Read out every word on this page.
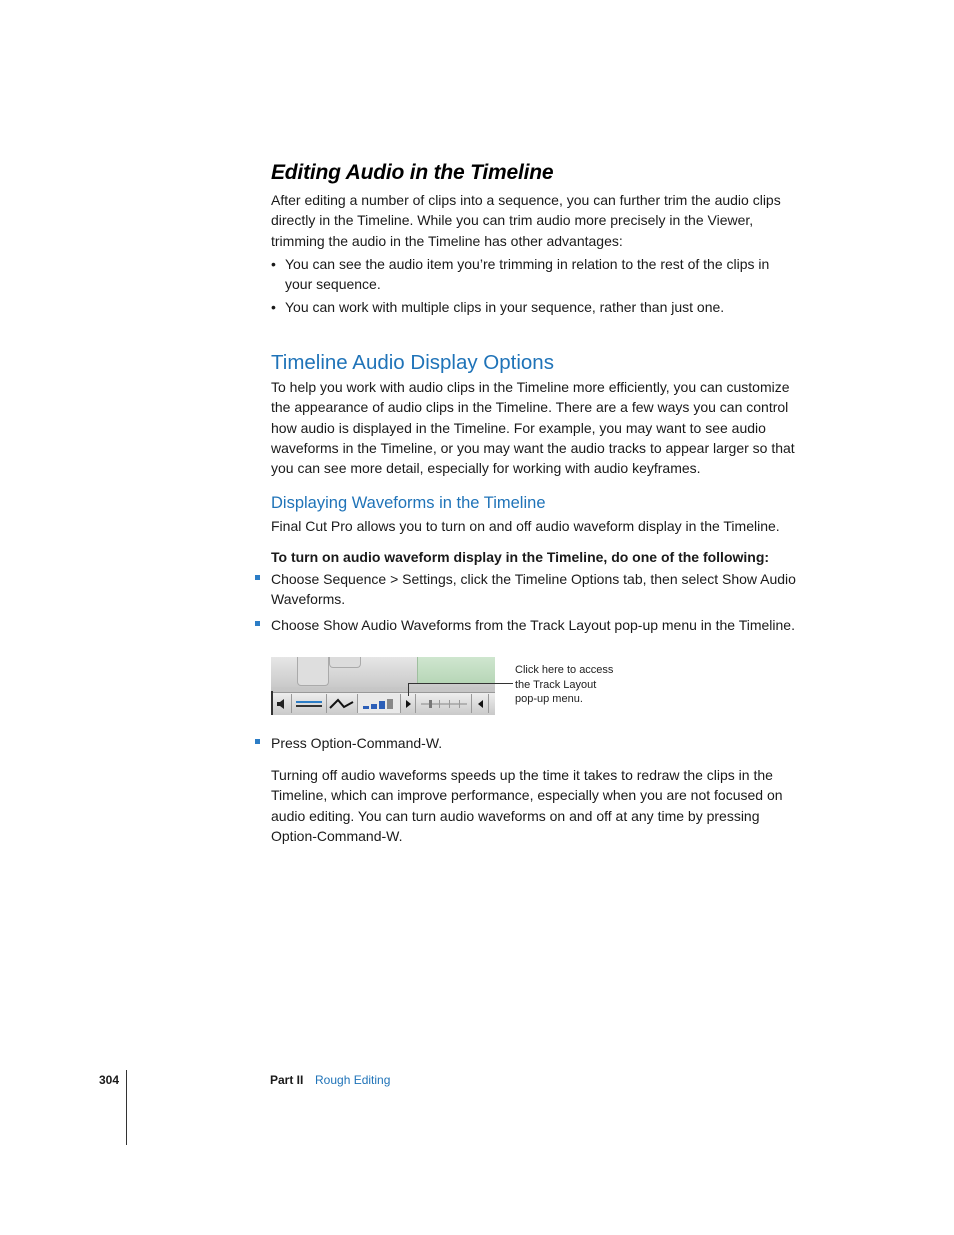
Editing Audio in the Timeline
After editing a number of clips into a sequence, you can further trim the audio clips
directly in the Timeline. While you can trim audio more precisely in the Viewer,
trimming the audio in the Timeline has other advantages:
• You can see the audio item you’re trimming in relation to the rest of the clips in
your sequence.
• You can work with multiple clips in your sequence, rather than just one.
Timeline Audio Display Options
To help you work with audio clips in the Timeline more efficiently, you can customize
the appearance of audio clips in the Timeline. There are a few ways you can control
how audio is displayed in the Timeline. For example, you may want to see audio
waveforms in the Timeline, or you may want the audio tracks to appear larger so that
you can see more detail, especially for working with audio keyframes.
Displaying Waveforms in the Timeline
Final Cut Pro allows you to turn on and off audio waveform display in the Timeline.
To turn on audio waveform display in the Timeline, do one of the following:
Choose Sequence > Settings, click the Timeline Options tab, then select Show Audio
Waveforms.
Choose Show Audio Waveforms from the Track Layout pop-up menu in the Timeline.
Click here to access
the Track Layout
pop-up menu.
Press Option-Command-W.
Turning off audio waveforms speeds up the time it takes to redraw the clips in the
Timeline, which can improve performance, especially when you are not focused on
audio editing. You can turn audio waveforms on and off at any time by pressing
Option-Command-W.
304	Part II Rough Editing
